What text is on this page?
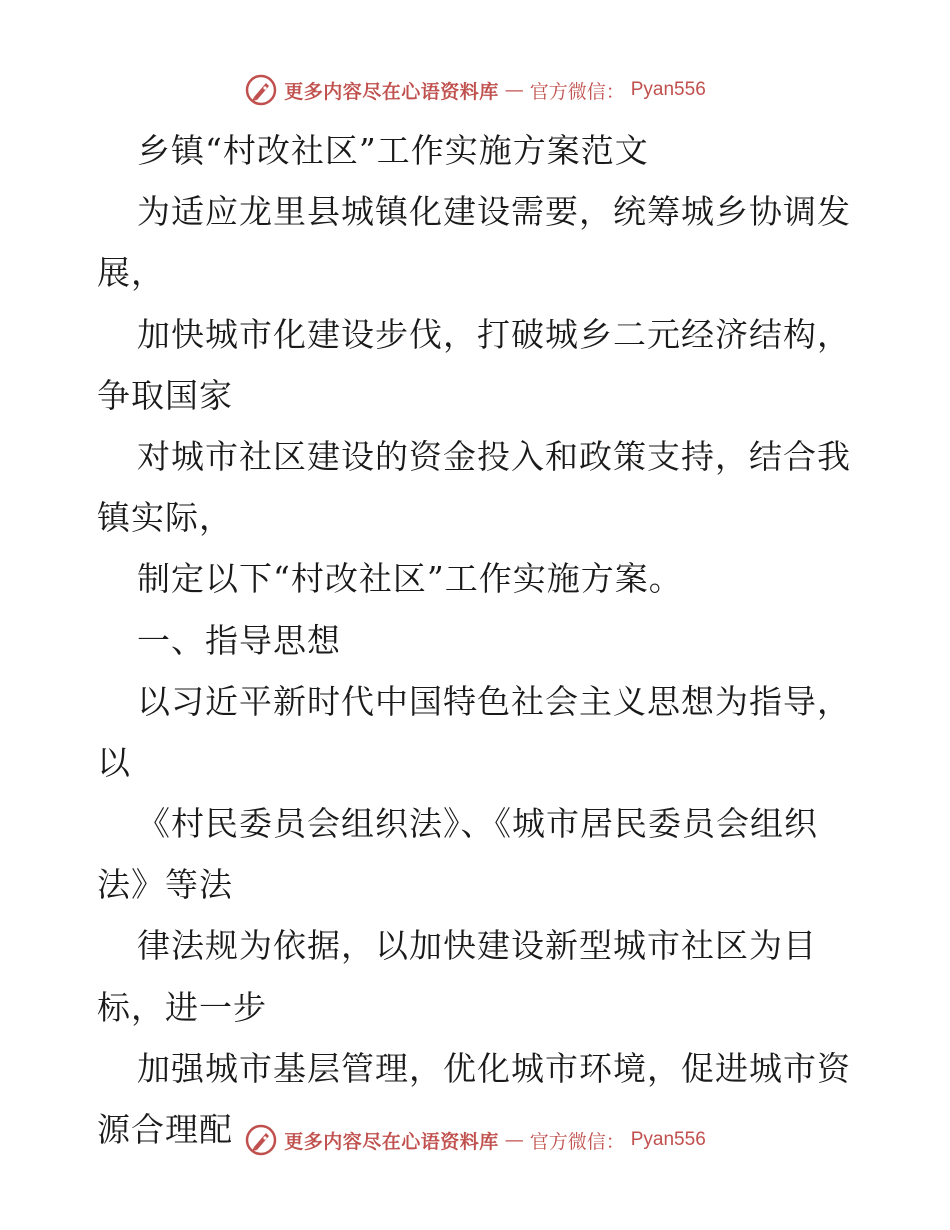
更多内容尽在心语资料库 — 官方微信： Pyan556
乡镇“村改社区”工作实施方案范文
为适应龙里县城镇化建设需要，统筹城乡协调发
展，
加快城市化建设步伐，打破城乡二元经济结构，
争取国家
对城市社区建设的资金投入和政策支持，结合我
镇实际，
制定以下“村改社区”工作实施方案。
一、指导思想
以习近平新时代中国特色社会主义思想为指导，
以
《村民委员会组织法》、《城市居民委员会组织
法》等法
律法规为依据，以加快建设新型城市社区为目
标，进一步
加强城市基层管理，优化城市环境，促进城市资
源合理配	更多内容尽在心语资料库 — 官方微信： Pyan556
